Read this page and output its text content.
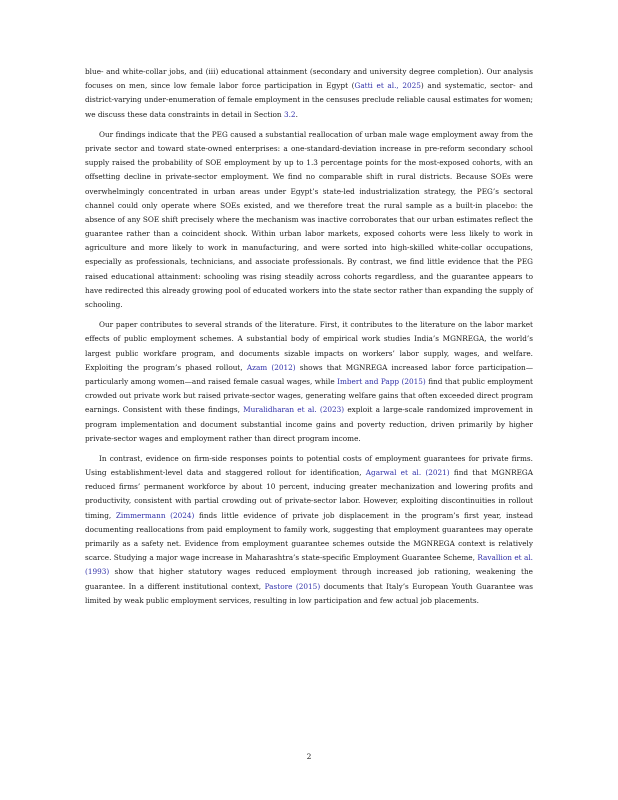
blue- and white-collar jobs, and (iii) educational attainment (secondary and university degree completion). Our analysis focuses on men, since low female labor force participation in Egypt (Gatti et al., 2025) and systematic, sector- and district-varying under-enumeration of female employment in the censuses preclude reliable causal estimates for women; we discuss these data constraints in detail in Section 3.2.

Our findings indicate that the PEG caused a substantial reallocation of urban male wage employment away from the private sector and toward state-owned enterprises: a one-standard-deviation increase in pre-reform secondary school supply raised the probability of SOE employment by up to 1.3 percentage points for the most-exposed cohorts, with an offsetting decline in private-sector employment. We find no comparable shift in rural districts. Because SOEs were overwhelmingly concentrated in urban areas under Egypt’s state-led industrialization strategy, the PEG’s sectoral channel could only operate where SOEs existed, and we therefore treat the rural sample as a built-in placebo: the absence of any SOE shift precisely where the mechanism was inactive corroborates that our urban estimates reflect the guarantee rather than a coincident shock. Within urban labor markets, exposed cohorts were less likely to work in agriculture and more likely to work in manufacturing, and were sorted into high-skilled white-collar occupations, especially as professionals, technicians, and associate professionals. By contrast, we find little evidence that the PEG raised educational attainment: schooling was rising steadily across cohorts regardless, and the guarantee appears to have redirected this already growing pool of educated workers into the state sector rather than expanding the supply of schooling.

Our paper contributes to several strands of the literature. First, it contributes to the literature on the labor market effects of public employment schemes. A substantial body of empirical work studies India’s MGNREGA, the world’s largest public workfare program, and documents sizable impacts on workers’ labor supply, wages, and welfare. Exploiting the program’s phased rollout, Azam (2012) shows that MGNREGA increased labor force participation—particularly among women—and raised female casual wages, while Imbert and Papp (2015) find that public employment crowded out private work but raised private-sector wages, generating welfare gains that often exceeded direct program earnings. Consistent with these findings, Muralidharan et al. (2023) exploit a large-scale randomized improvement in program implementation and document substantial income gains and poverty reduction, driven primarily by higher private-sector wages and employment rather than direct program income.

In contrast, evidence on firm-side responses points to potential costs of employment guarantees for private firms. Using establishment-level data and staggered rollout for identification, Agarwal et al. (2021) find that MGNREGA reduced firms’ permanent workforce by about 10 percent, inducing greater mechanization and lowering profits and productivity, consistent with partial crowding out of private-sector labor. However, exploiting discontinuities in rollout timing, Zimmermann (2024) finds little evidence of private job displacement in the program’s first year, instead documenting reallocations from paid employment to family work, suggesting that employment guarantees may operate primarily as a safety net. Evidence from employment guarantee schemes outside the MGNREGA context is relatively scarce. Studying a major wage increase in Maharashtra’s state-specific Employment Guarantee Scheme, Ravallion et al. (1993) show that higher statutory wages reduced employment through increased job rationing, weakening the guarantee. In a different institutional context, Pastore (2015) documents that Italy’s European Youth Guarantee was limited by weak public employment services, resulting in low participation and few actual job placements.

2
